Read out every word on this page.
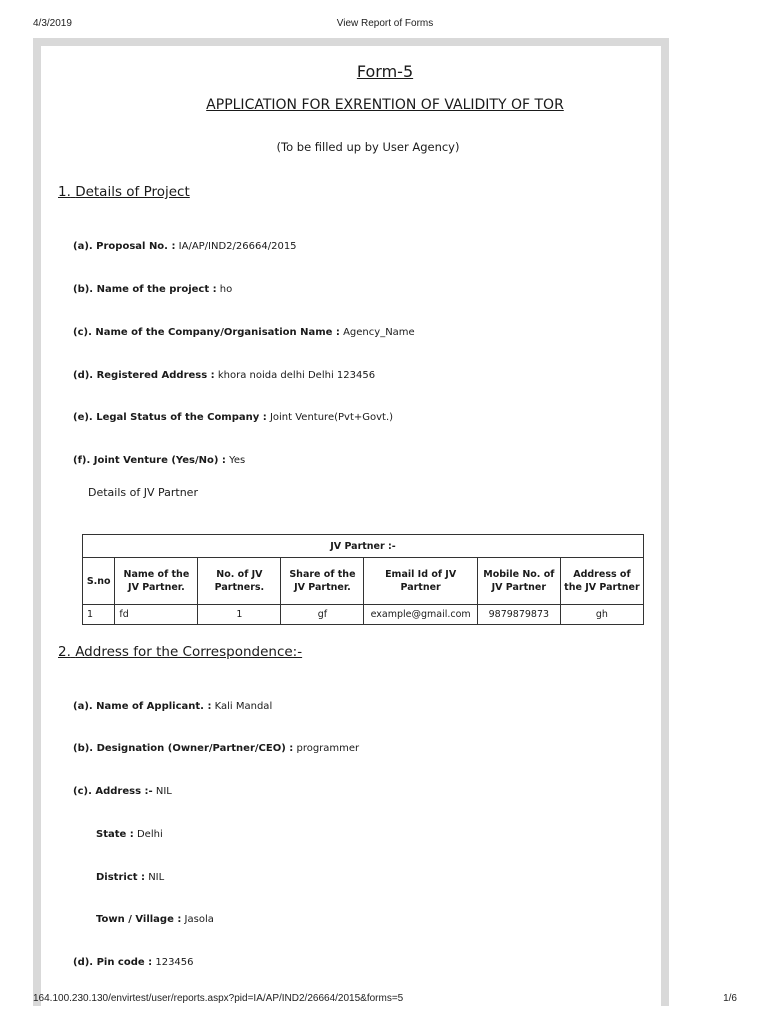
4/3/2019	View Report of Forms
Form-5
APPLICATION FOR EXRENTION OF VALIDITY OF TOR
(To be filled up by User Agency)
1. Details of Project
(a). Proposal No. : IA/AP/IND2/26664/2015
(b). Name of the project : ho
(c). Name of the Company/Organisation Name : Agency_Name
(d). Registered Address : khora noida delhi Delhi 123456
(e). Legal Status of the Company : Joint Venture(Pvt+Govt.)
(f). Joint Venture (Yes/No) : Yes
Details of JV Partner
JV Partner :-						
S.no	Name of the JV Partner.	No. of JV Partners.	Share of the JV Partner.	Email Id of JV Partner	Mobile No. of JV Partner	Address of the JV Partner
1	fd	1	gf	example@gmail.com	9879879873	gh
2. Address for the Correspondence:-
(a). Name of Applicant. : Kali Mandal
(b). Designation (Owner/Partner/CEO) : programmer
(c). Address :- NIL
State : Delhi
District : NIL
Town / Village : Jasola
(d). Pin code : 123456
164.100.230.130/envirtest/user/reports.aspx?pid=IA/AP/IND2/26664/2015&forms=5	1/6
